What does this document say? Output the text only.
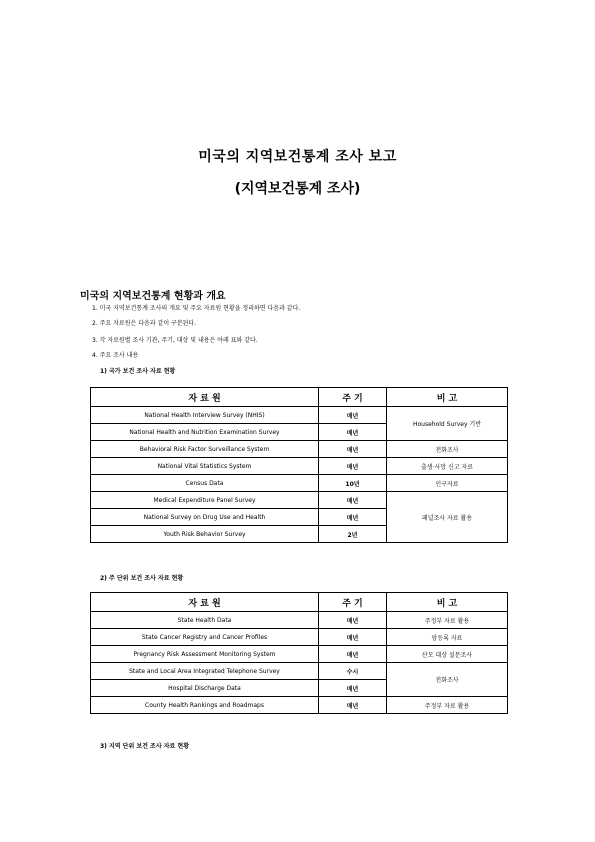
미국의 지역보건통계 조사 보고
(지역보건통계 조사)
미국의 지역보건통계 현황과 개요
1. 미국 지역보건통계 조사의 개요 및 주요 자료원 현황을 정리하면 다음과 같다.
2. 주요 자료원은 다음과 같이 구분된다.
3. 각 자료원별 조사 기관, 주기, 대상 및 내용은 아래 표와 같다.
4. 주요 조사 내용
1) 국가 보건 조사 자료 현황
자 료 원	주 기	비 고
National Health Interview Survey (NHIS)	매년	Household Survey 기반
National Health and Nutrition Examination Survey	매년	
Behavioral Risk Factor Surveillance System	매년	전화조사
National Vital Statistics System	매년	출생·사망 신고 자료
Census Data	10년	인구자료
Medical Expenditure Panel Survey	매년	패널조사 자료 활용
National Survey on Drug Use and Health	매년	
Youth Risk Behavior Survey	2년	
2) 주 단위 보건 조사 자료 현황
자 료 원	주 기	비 고
State Health Data	매년	주정부 자료 활용
State Cancer Registry and Cancer Profiles	매년	암등록 자료
Pregnancy Risk Assessment Monitoring System	매년	산모 대상 설문조사
State and Local Area Integrated Telephone Survey	수시	전화조사
Hospital Discharge Data	매년	
County Health Rankings and Roadmaps	매년	주정부 자료 활용
3) 지역 단위 보건 조사 자료 현황
